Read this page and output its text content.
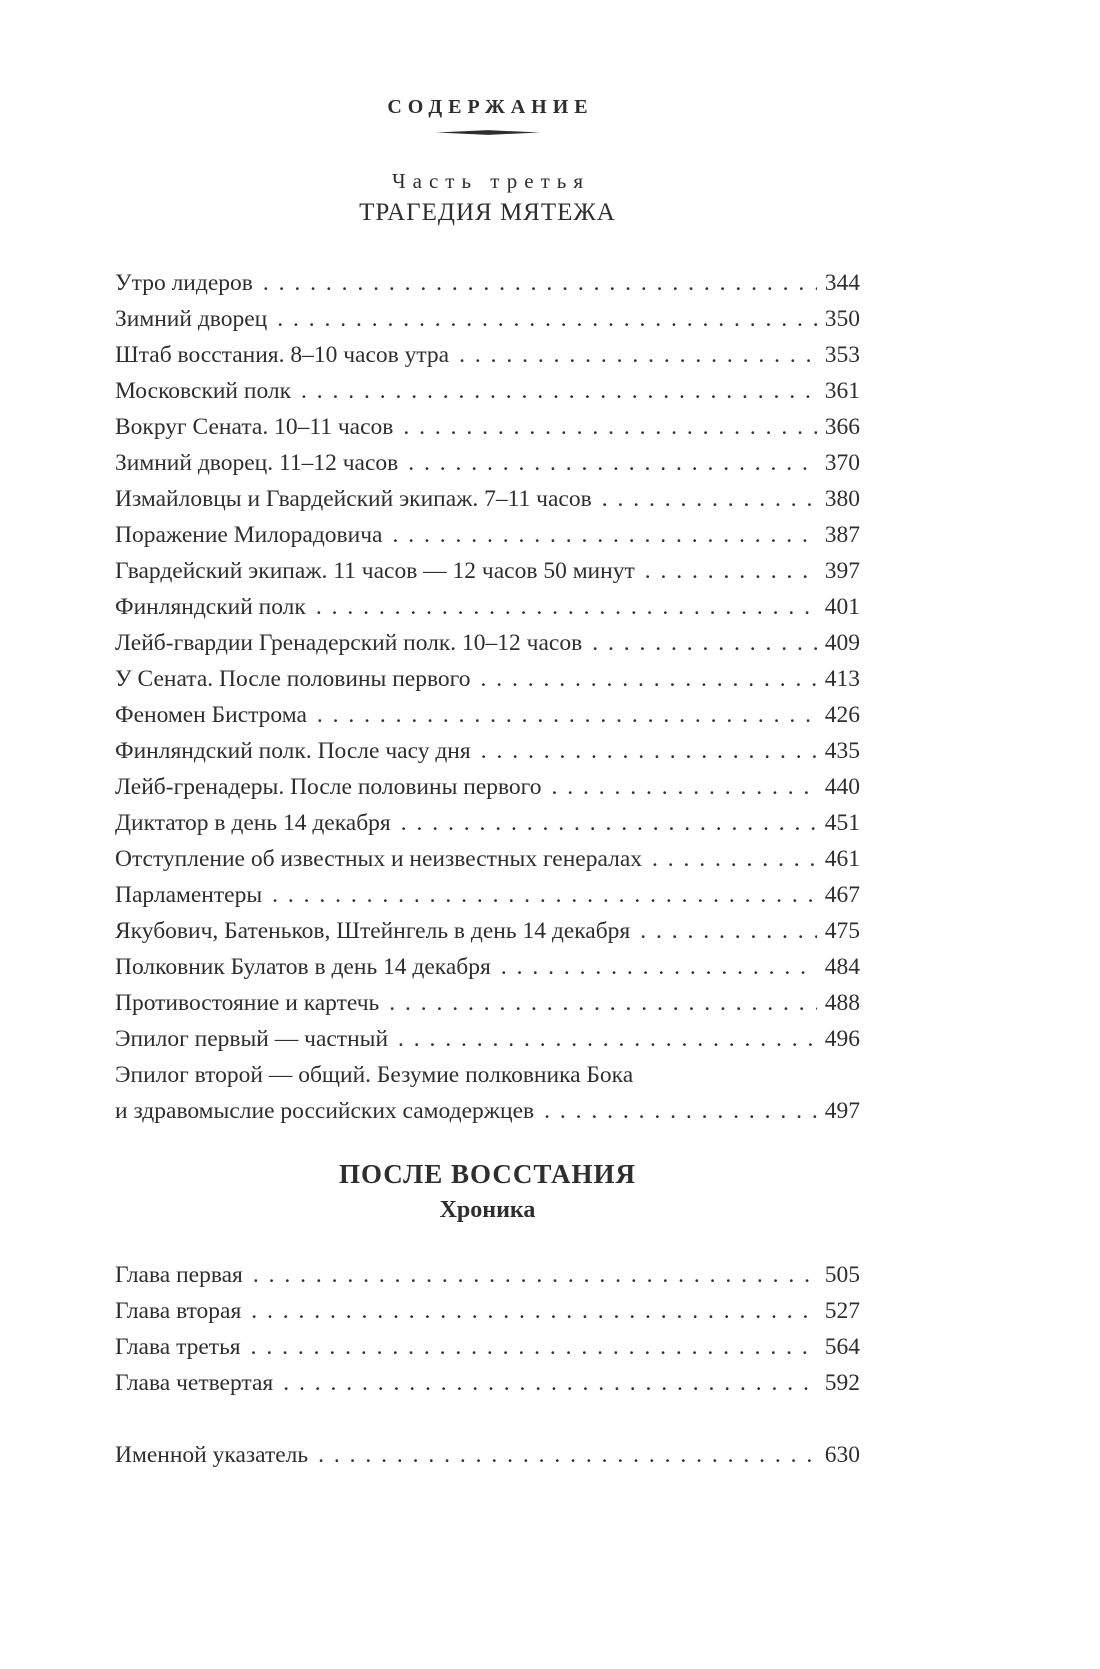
СОДЕРЖАНИЕ
Часть третья
ТРАГЕДИЯ МЯТЕЖА
Утро лидеров . . .	344
Зимний дворец . . .	350
Штаб восстания. 8–10 часов утра . . .	353
Московский полк . . .	361
Вокруг Сената. 10–11 часов . . .	366
Зимний дворец. 11–12 часов . . .	370
Измайловцы и Гвардейский экипаж. 7–11 часов . . .	380
Поражение Милорадовича . . .	387
Гвардейский экипаж. 11 часов — 12 часов 50 минут . . .	397
Финляндский полк . . .	401
Лейб-гвардии Гренадерский полк. 10–12 часов . . .	409
У Сената. После половины первого . . .	413
Феномен Бистрома . . .	426
Финляндский полк. После часу дня . . .	435
Лейб-гренадеры. После половины первого . . .	440
Диктатор в день 14 декабря . . .	451
Отступление об известных и неизвестных генералах . . .	461
Парламентеры . . .	467
Якубович, Батеньков, Штейнгель в день 14 декабря . . .	475
Полковник Булатов в день 14 декабря . . .	484
Противостояние и картечь . . .	488
Эпилог первый — частный . . .	496
Эпилог второй — общий. Безумие полковника Бока
и здравомыслие российских самодержцев . . .	497
ПОСЛЕ ВОССТАНИЯ
Хроника
Глава первая . . .	505
Глава вторая . . .	527
Глава третья . . .	564
Глава четвертая . . .	592
Именной указатель . . .	630
